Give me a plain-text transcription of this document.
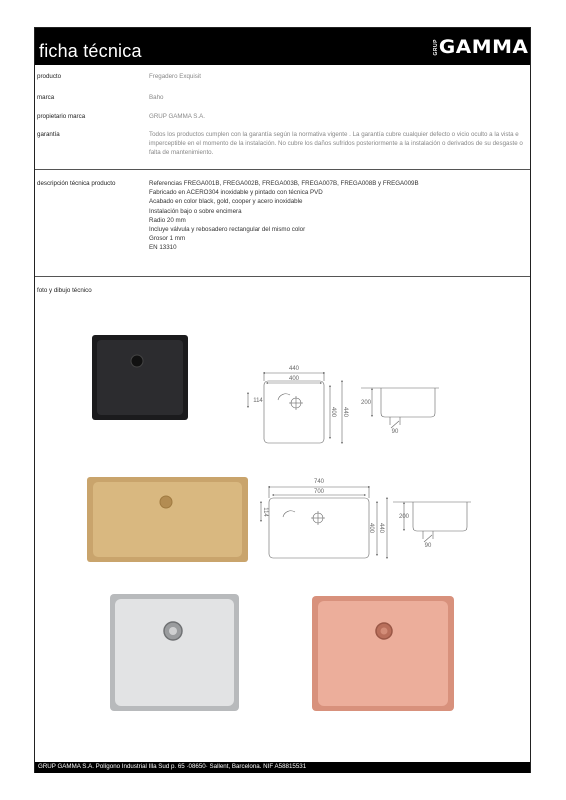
ficha técnica	GRUP GAMMA
producto	Fregadero Exquisit
marca	Baho
propietario marca	GRUP GAMMA S.A.
garantía	Todos los productos cumplen con la garantía según la normativa vigente . La garantía cubre cualquier defecto o vicio oculto a la vista e imperceptible en el momento de la instalación. No cubre los daños sufridos posteriormente a la instalación o derivados de su desgaste o falta de mantenimiento.
descripción técnica producto	Referencias FREGA001B, FREGA002B, FREGA003B, FREGA007B, FREGA008B y FREGA009B
Fabricado en ACERO304 inoxidable y pintado con técnica PVD
Acabado en color black, gold, cooper y acero inoxidable
Instalación bajo o sobre encimera
Radio 20 mm
Incluye válvula y rebosadero rectangular del mismo color
Grosor 1 mm
EN 13310
foto y dibujo técnico
440
400
114
400 440
200
90
740
700
114
400 440
200
90
GRUP GAMMA S.A. Polígono Industrial Illa Sud p. 65 ·08650· Sallent, Barcelona. NIF A58815531
